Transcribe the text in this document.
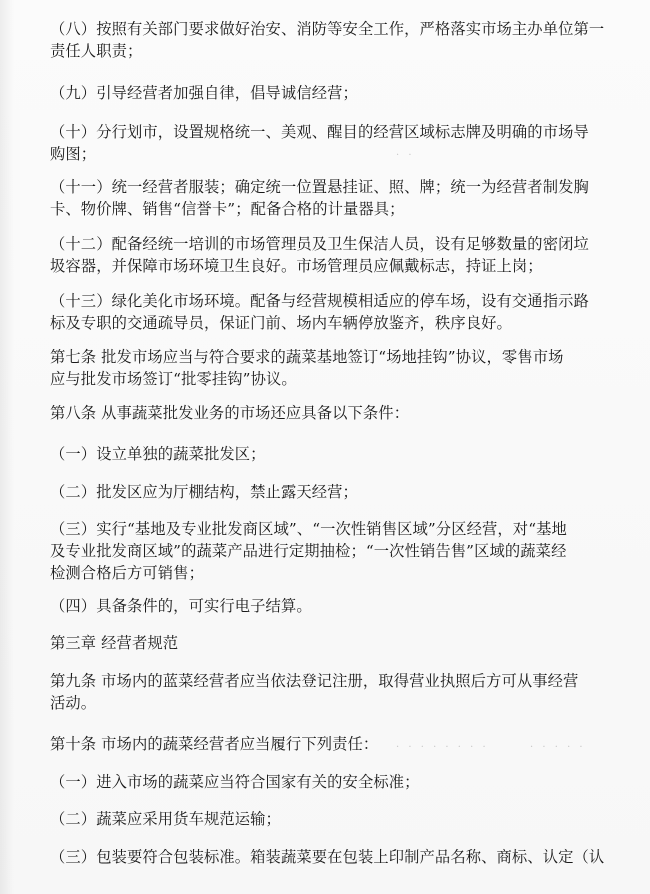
（八）按照有关部门要求做好治安、消防等安全工作，严格落实市场主办单位第一
责任人职责；
（九）引导经营者加强自律，倡导诚信经营；
（十）分行划市，设置规格统一、美观、醒目的经营区域标志牌及明确的市场导
购图；
（十一）统一经营者服装；确定统一位置悬挂证、照、牌；统一为经营者制发胸
卡、物价牌、销售“信誉卡”；配备合格的计量器具；
（十二）配备经统一培训的市场管理员及卫生保洁人员，设有足够数量的密闭垃
圾容器，并保障市场环境卫生良好。市场管理员应佩戴标志，持证上岗；
（十三）绿化美化市场环境。配备与经营规模相适应的停车场，设有交通指示路
标及专职的交通疏导员，保证门前、场内车辆停放鉴齐，秩序良好。
第七条 批发市场应当与符合要求的蔬菜基地签订“场地挂钩”协议，零售市场
应与批发市场签订“批零挂钩”协议。
第八条 从事蔬菜批发业务的市场还应具备以下条件：
（一）设立单独的蔬菜批发区；
（二）批发区应为厅棚结构，禁止露天经营；
（三）实行“基地及专业批发商区域”、“一次性销售区域”分区经营，对“基地
及专业批发商区域”的蔬菜产品进行定期抽检；“一次性销告售”区域的蔬菜经
检测合格后方可销售；
（四）具备条件的，可实行电子结算。
第三章 经营者规范
第九条 市场内的蓝菜经营者应当依法登记注册，取得营业执照后方可从事经营
活动。
第十条 市场内的蔬菜经营者应当履行下列责任：
（一）进入市场的蔬菜应当符合国家有关的安全标准；
（二）蔬菜应采用货车规范运输；
（三）包装要符合包装标准。箱装蔬菜要在包装上印制产品名称、商标、认定（认
· · · · · · · ·	· · · · ·
· ·
